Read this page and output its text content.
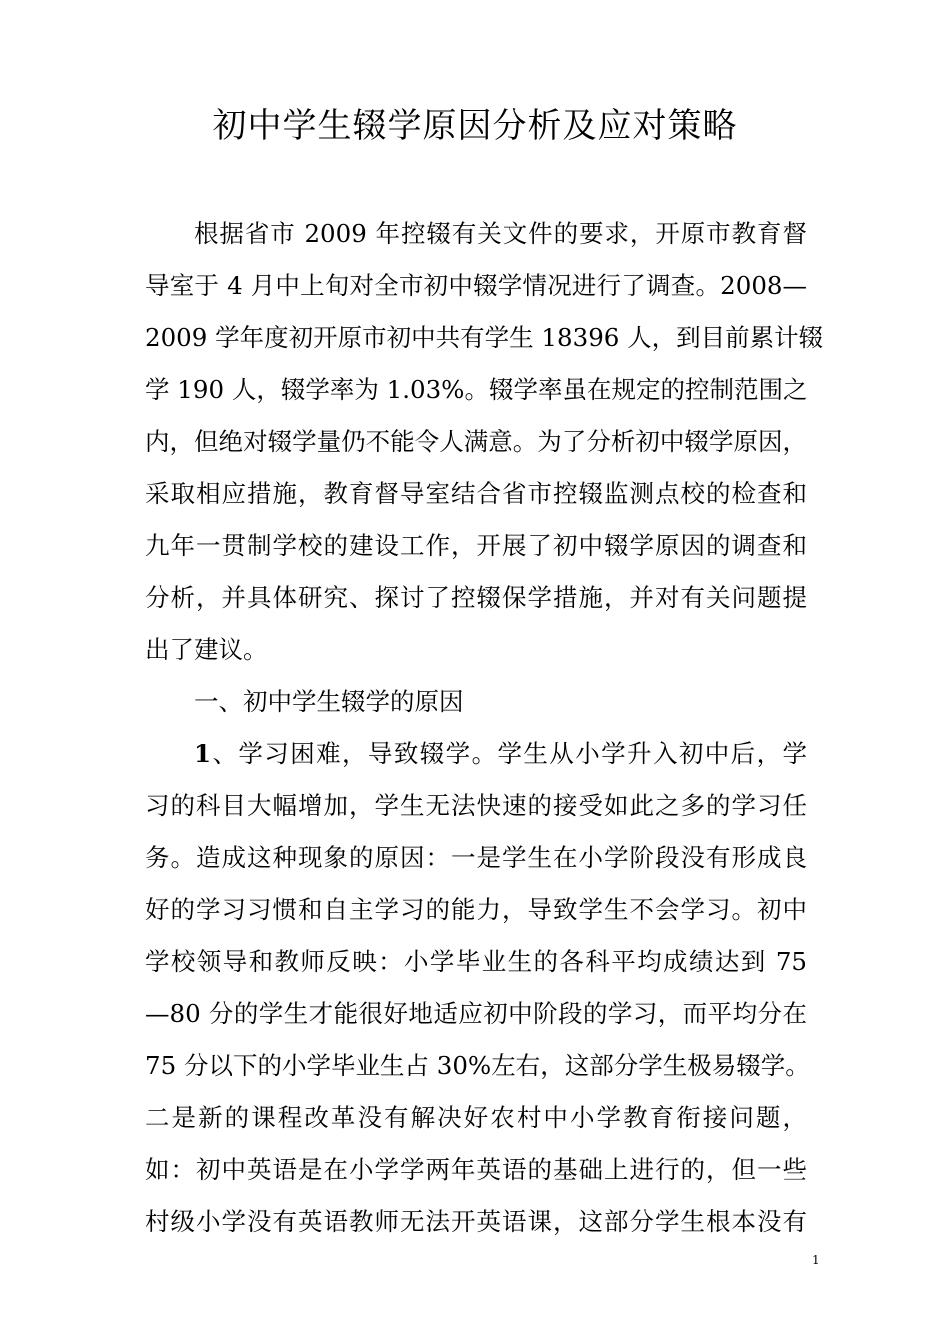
初中学生辍学原因分析及应对策略
根据省市 2009 年控辍有关文件的要求，开原市教育督
导室于 4 月中上旬对全市初中辍学情况进行了调查。2008—
2009 学年度初开原市初中共有学生 18396 人，到目前累计辍
学 190 人，辍学率为 1.03%。辍学率虽在规定的控制范围之
内，但绝对辍学量仍不能令人满意。为了分析初中辍学原因，
采取相应措施，教育督导室结合省市控辍监测点校的检查和
九年一贯制学校的建设工作，开展了初中辍学原因的调查和
分析，并具体研究、探讨了控辍保学措施，并对有关问题提
出了建议。
一、初中学生辍学的原因
1、学习困难，导致辍学。学生从小学升入初中后，学
习的科目大幅增加，学生无法快速的接受如此之多的学习任
务。造成这种现象的原因：一是学生在小学阶段没有形成良
好的学习习惯和自主学习的能力，导致学生不会学习。初中
学校领导和教师反映：小学毕业生的各科平均成绩达到 75
—80 分的学生才能很好地适应初中阶段的学习，而平均分在
75 分以下的小学毕业生占 30%左右，这部分学生极易辍学。
二是新的课程改革没有解决好农村中小学教育衔接问题，
如：初中英语是在小学学两年英语的基础上进行的，但一些
村级小学没有英语教师无法开英语课，这部分学生根本没有
1
